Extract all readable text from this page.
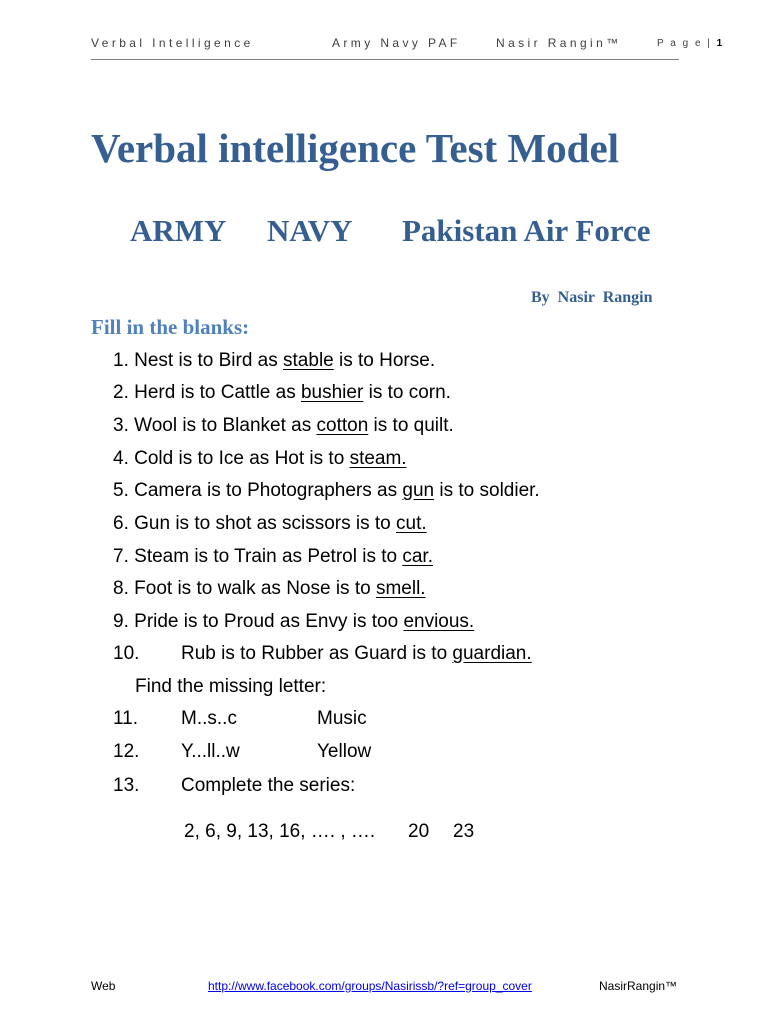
Verbal Intelligence	Army Navy PAF	Nasir Rangin™	P a g e | 1
Verbal intelligence Test Model
ARMY NAVY Pakistan Air Force
By Nasir Rangin
Fill in the blanks:
1. Nest is to Bird as stable is to Horse.
2. Herd is to Cattle as bushier is to corn.
3. Wool is to Blanket as cotton is to quilt.
4. Cold is to Ice as Hot is to steam.
5. Camera is to Photographers as gun is to soldier.
6. Gun is to shot as scissors is to cut.
7. Steam is to Train as Petrol is to car.
8. Foot is to walk as Nose is to smell.
9. Pride is to Proud as Envy is too envious.
10. Rub is to Rubber as Guard is to guardian.
Find the missing letter:
11. M..s..c	Music
12. Y...ll..w	Yellow
13. Complete the series:
2, 6, 9, 13, 16, …. , …. 20 23
Web	http://www.facebook.com/groups/Nasirissb/?ref=group_cover	NasirRangin™
